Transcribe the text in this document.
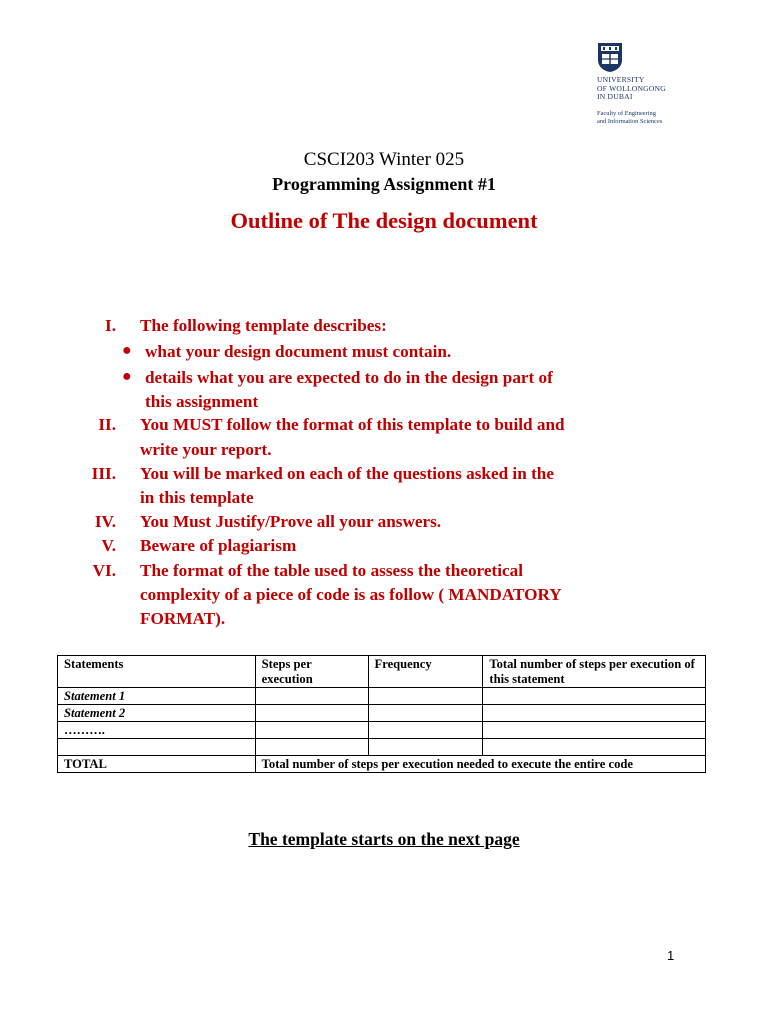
UNIVERSITY
OF WOLLONGONG
IN DUBAI
Faculty of Engineering
and Information Sciences
CSCI203 Winter 025
Programming Assignment #1
Outline of The design document
I. The following template describes:
● what your design document must contain.
● details what you are expected to do in the design part of
this assignment
II. You MUST follow the format of this template to build and
write your report.
III. You will be marked on each of the questions asked in the
in this template
IV. You Must Justify/Prove all your answers.
V. Beware of plagiarism
VI. The format of the table used to assess the theoretical
complexity of a piece of code is as follow ( MANDATORY
FORMAT).
Statements	Steps per execution	Frequency	Total number of steps per execution of this statement
Statement 1			
Statement 2			
……….			

TOTAL	Total number of steps per execution needed to execute the entire code		
The template starts on the next page
1
